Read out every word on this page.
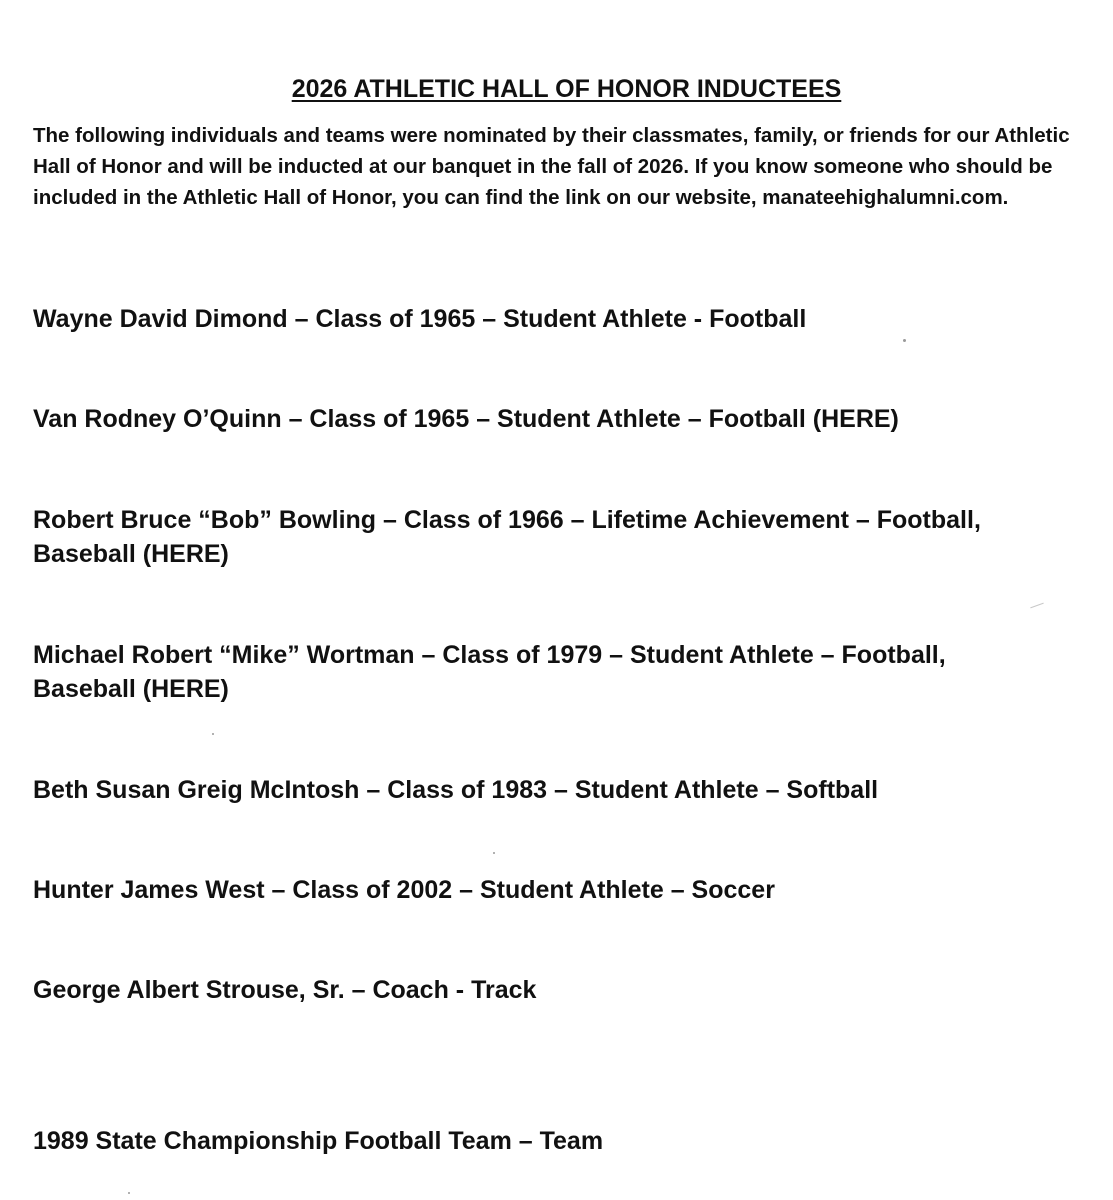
2026 ATHLETIC HALL OF HONOR INDUCTEES

The following individuals and teams were nominated by their classmates, family, or friends for our Athletic Hall of Honor and will be inducted at our banquet in the fall of 2026. If you know someone who should be included in the Athletic Hall of Honor, you can find the link on our website, manateehighalumni.com.

Wayne David Dimond – Class of 1965 – Student Athlete - Football
Van Rodney O’Quinn – Class of 1965 – Student Athlete – Football (HERE)
Robert Bruce “Bob” Bowling – Class of 1966 – Lifetime Achievement – Football,
Baseball (HERE)
Michael Robert “Mike” Wortman – Class of 1979 – Student Athlete – Football,
Baseball (HERE)
Beth Susan Greig McIntosh – Class of 1983 – Student Athlete – Softball
Hunter James West – Class of 2002 – Student Athlete – Soccer
George Albert Strouse, Sr. – Coach - Track
1989 State Championship Football Team – Team
